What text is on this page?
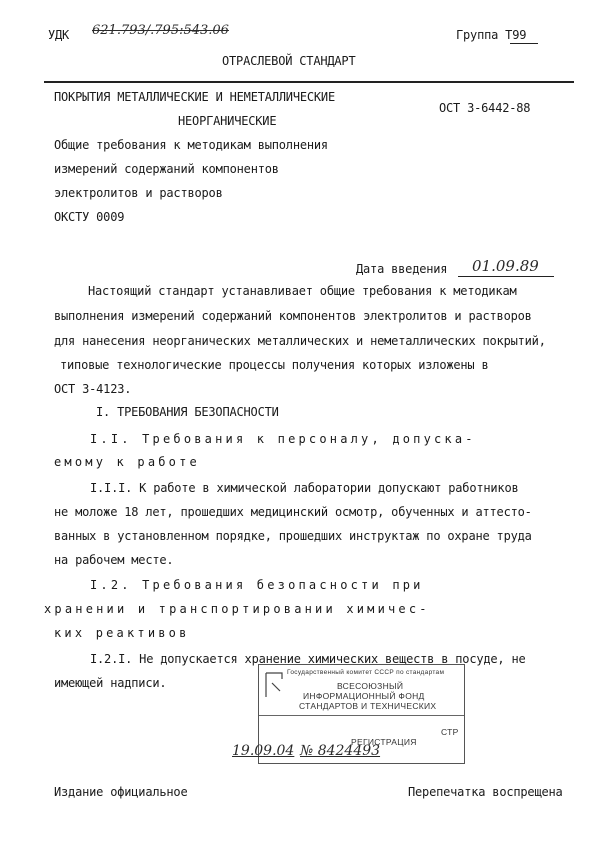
УДК 621.793/.795:543.06	Группа Т99
ОТРАСЛЕВОЙ СТАНДАРТ
ПОКРЫТИЯ МЕТАЛЛИЧЕСКИЕ И НЕМЕТАЛЛИЧЕСКИЕ
НЕОРГАНИЧЕСКИЕ
ОСТ 3-6442-88
Общие требования к методикам выполнения
измерений содержаний компонентов
электролитов и растворов
ОКСТУ 0009
Дата введения 01.09.89
Настоящий стандарт устанавливает общие требования к методикам
выполнения измерений содержаний компонентов электролитов и растворов
для нанесения неорганических металлических и неметаллических покрытий,
типовые технологические процессы получения которых изложены в
ОСТ 3-4123.
I. ТРЕБОВАНИЯ БЕЗОПАСНОСТИ
I.I. Требования к персоналу, допуска-
емому к работе
I.I.I. К работе в химической лаборатории допускают работников
не моложе 18 лет, прошедших медицинский осмотр, обученных и аттесто-
ванных в установленном порядке, прошедших инструктаж по охране труда
на рабочем месте.
I.2. Требования безопасности при
хранении и транспортировании химичес-
ких реактивов
I.2.I. Не допускается хранение химических веществ в посуде, не
имеющей надписи.
Государственный комитет СССР по стандартам
ВСЕСОЮЗНЫЙ
ИНФОРМАЦИОННЫЙ ФОНД
СТАНДАРТОВ И ТЕХНИЧЕСКИХ
СТР
РЕГИСТРАЦИЯ
19.09.04 № 8424493
Издание официальное	Перепечатка воспрещена
